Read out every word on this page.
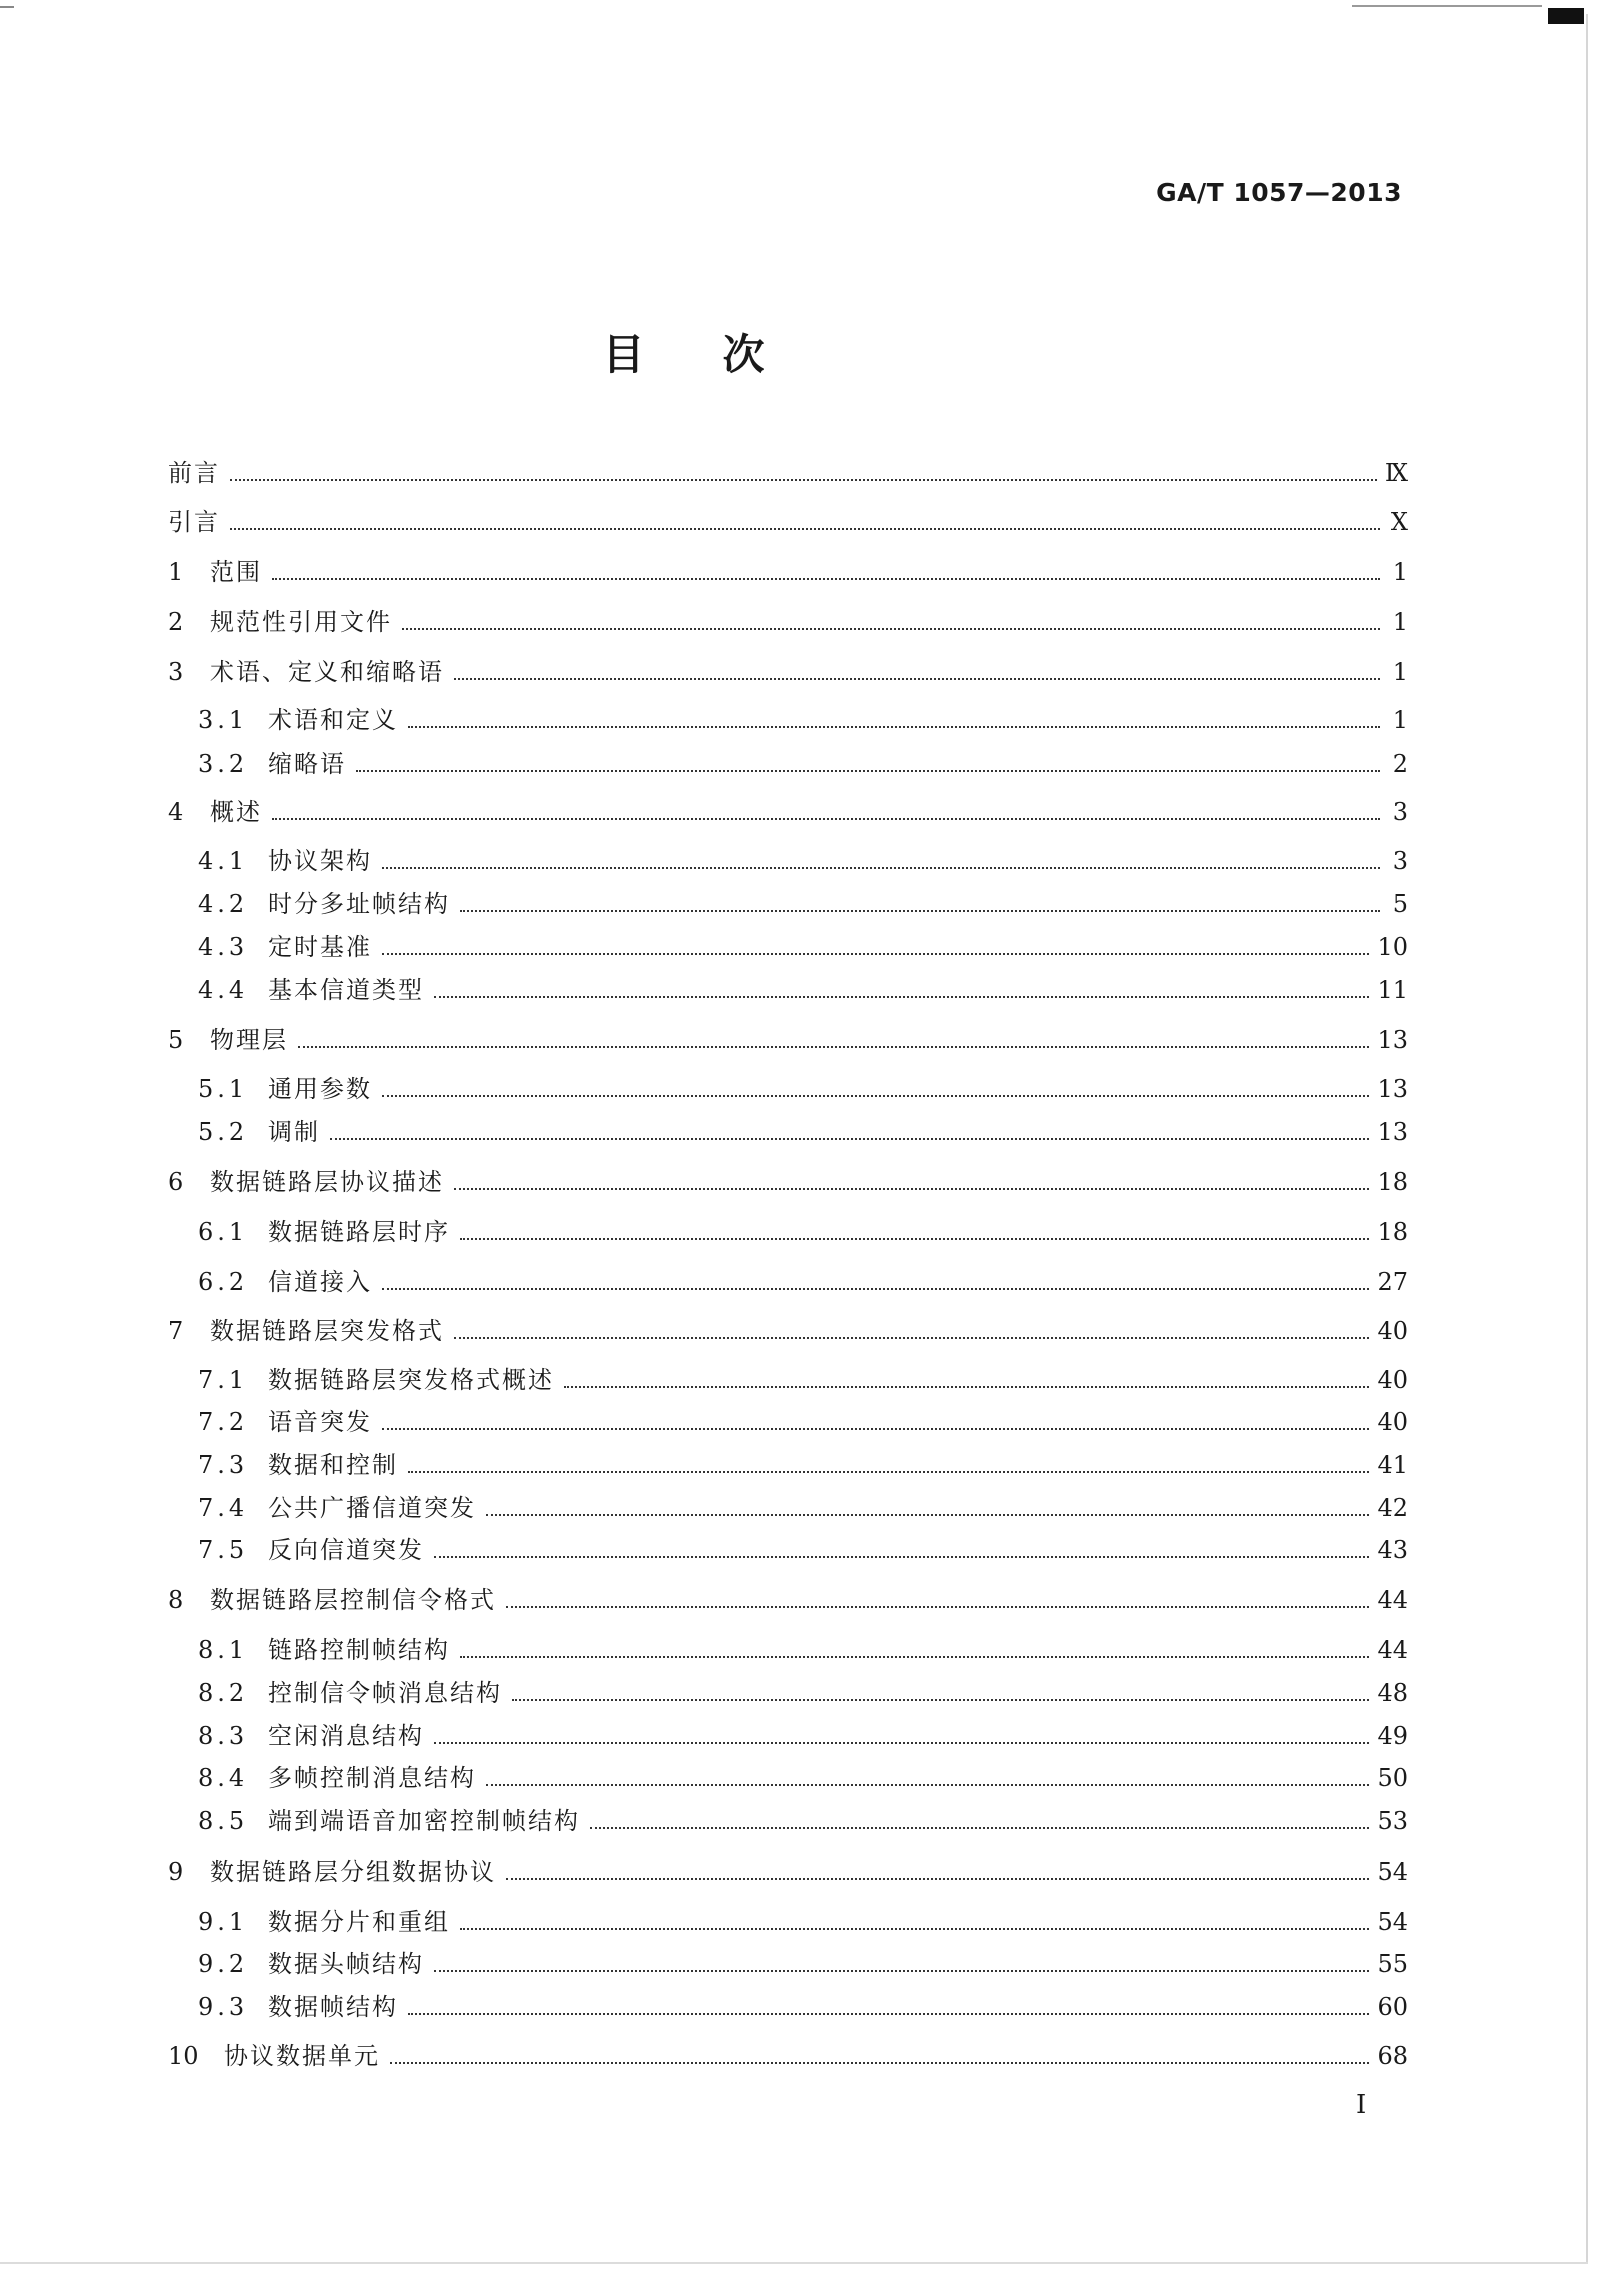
GA/T 1057—2013
目次
前言	Ⅸ
引言	Ⅹ
1	范围	1
2	规范性引用文件	1
3	术语、定义和缩略语	1
3.1 术语和定义	1
3.2 缩略语	2
4	概述	3
4.1 协议架构	3
4.2 时分多址帧结构	5
4.3 定时基准	10
4.4 基本信道类型	11
5	物理层	13
5.1 通用参数	13
5.2 调制	13
6	数据链路层协议描述	18
6.1 数据链路层时序	18
6.2 信道接入	27
7	数据链路层突发格式	40
7.1 数据链路层突发格式概述	40
7.2 语音突发	40
7.3 数据和控制	41
7.4 公共广播信道突发	42
7.5 反向信道突发	43
8	数据链路层控制信令格式	44
8.1 链路控制帧结构	44
8.2 控制信令帧消息结构	48
8.3 空闲消息结构	49
8.4 多帧控制消息结构	50
8.5 端到端语音加密控制帧结构	53
9	数据链路层分组数据协议	54
9.1 数据分片和重组	54
9.2 数据头帧结构	55
9.3 数据帧结构	60
10	协议数据单元	68
I
